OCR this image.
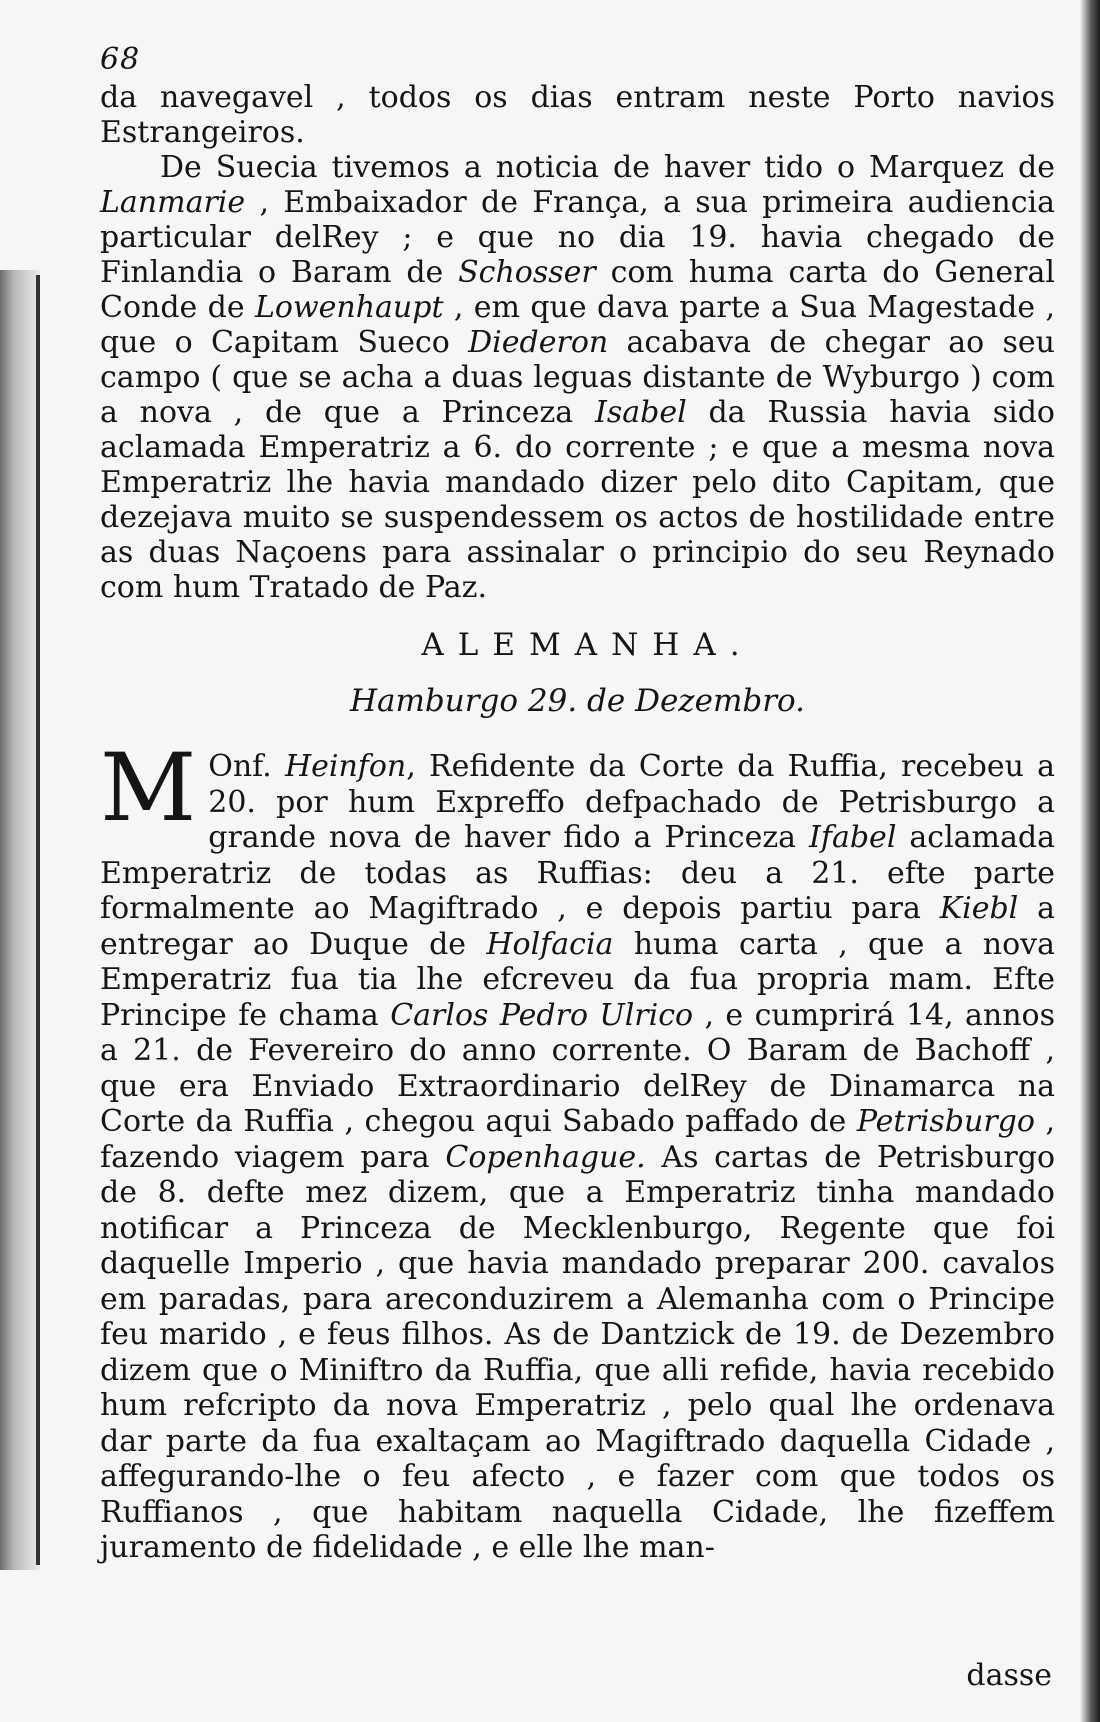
68

da navegavel , todos os dias entram neste Porto navios Estrangeiros.

De Suecia tivemos a noticia de haver tido o Marquez de Lanmarie , Embaixador de França, a sua primeira audiencia particular delRey ; e que no dia 19. havia chegado de Finlandia o Baram de Schosser com huma carta do General Conde de Lowenhaupt , em que dava parte a Sua Magestade , que o Capitam Sueco Diederon acabava de chegar ao seu campo ( que se acha a duas leguas distante de Wyburgo ) com a nova , de que a Princeza Isabel da Russia havia sido aclamada Emperatriz a 6. do corrente ; e que a mesma nova Emperatriz lhe havia mandado dizer pelo dito Capitam, que dezejava muito se suspendessem os actos de hostilidade entre as duas Naçoens para assinalar o principio do seu Reynado com hum Tratado de Paz.

ALEMANHA.
Hamburgo 29. de Dezembro.

M Onf. Heinfon, Refidente da Corte da Ruffia, recebeu a 20. por hum Expreffo defpachado de Petrisburgo a grande nova de haver fido a Princeza Ifabel aclamada Emperatriz de todas as Ruffias: deu a 21. efte parte formalmente ao Magiftrado , e depois partiu para Kiebl a entregar ao Duque de Holfacia huma carta , que a nova Emperatriz fua tia lhe efcreveu da fua propria mam. Efte Principe fe chama Carlos Pedro Ulrico , e cumprirá 14, annos a 21. de Fevereiro do anno corrente. O Baram de Bachoff , que era Enviado Extraordinario delRey de Dinamarca na Corte da Ruffia , chegou aqui Sabado paffado de Petrisburgo , fazendo viagem para Copenhague. As cartas de Petrisburgo de 8. defte mez dizem, que a Emperatriz tinha mandado notificar a Princeza de Mecklenburgo, Regente que foi daquelle Imperio , que havia mandado preparar 200. cavalos em paradas, para areconduzirem a Alemanha com o Principe feu marido , e feus filhos. As de Dantzick de 19. de Dezembro dizem que o Miniftro da Ruffia, que alli refide, havia recebido hum refcripto da nova Emperatriz , pelo qual lhe ordenava dar parte da fua exaltaçam ao Magiftrado daquella Cidade , affegurando-lhe o feu afecto , e fazer com que todos os Ruffianos , que habitam naquella Cidade, lhe fizeffem juramento de fidelidade , e elle lhe man-

dasse
